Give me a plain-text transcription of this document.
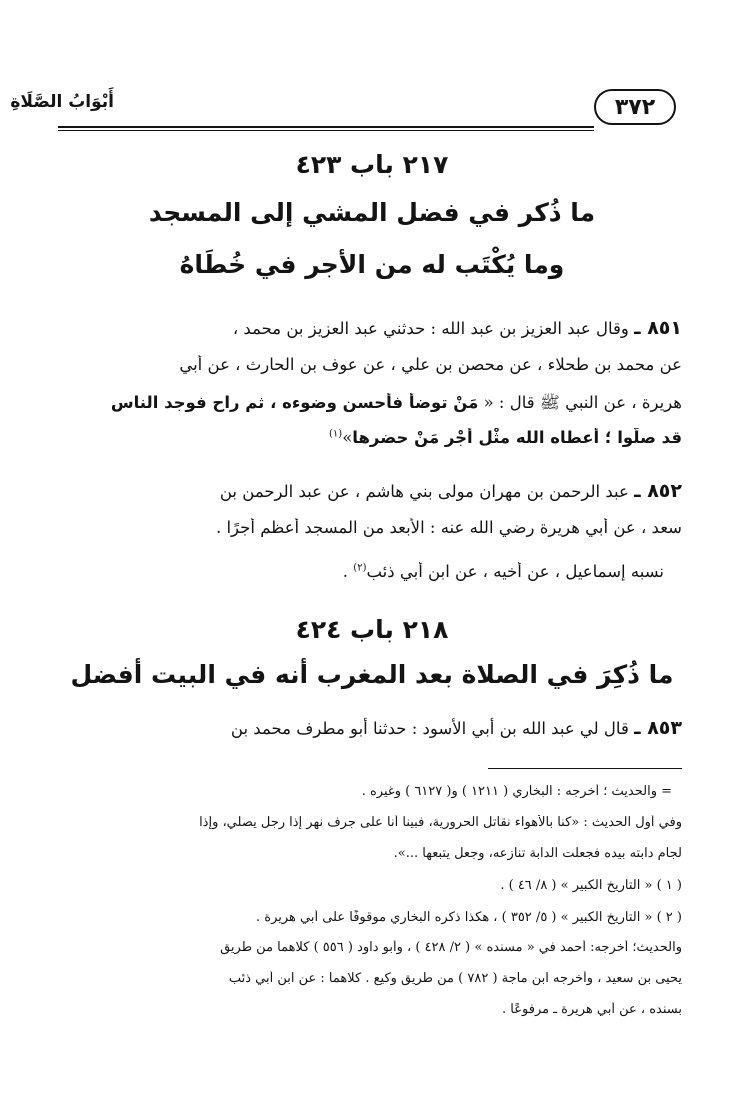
٣٧٢
أَبْوَابُ الصَّلَاةِ
٢١٧ باب ٤٢٣
ما ذُكر في فضل المشي إلى المسجد
وما يُكْتَب له من الأجر في خُطَاهُ
٨٥١ ـ وقال عبد العزيز بن عبد الله : حدثني عبد العزيز بن محمد ،
عن محمد بن طحلاء ، عن محصن بن علي ، عن عوف بن الحارث ، عن أبي
هريرة ، عن النبي ﷺ قال : « مَنْ توضأ فأحسن وضوءه ، ثم راح فوجد الناس
قد صلّوا ؛ أعطاه الله مثْل أجْرِ مَنْ حضرها»$^{(١)}$
٨٥٢ ـ عبد الرحمن بن مهران مولى بني هاشم ، عن عبد الرحمن بن
سعد ، عن أبي هريرة رضي الله عنه : الأبعد من المسجد أعظم أجرًا .
نسبه إسماعيل ، عن أخيه ، عن ابن أبي ذئب$^{(٢)}$ .
٢١٨ باب ٤٢٤
ما ذُكِرَ في الصلاة بعد المغرب أنه في البيت أفضل
٨٥٣ ـ قال لي عبد الله بن أبي الأسود : حدثنا أبو مطرف محمد بن
= والحديث ؛ أخرجه : البخاري ( ١٢١١ ) و( ٦١٢٧ ) وغيره .
وفي أول الحديث : «كنا بالأهواء نقاتل الحرورية، فبينا أنا على جرف نهر إذا رجل يصلي، وإذا
لجام دابته بيده فجعلت الدابة تنازعه، وجعل يتبعها ...».
( ١ ) « التاريخ الكبير » ( ٨/ ٤٦ ) .
( ٢ ) « التاريخ الكبير » ( ٥/ ٣٥٢ ) ، هكذا ذكره البخاري موقوفًا على أبي هريرة .
والحديث؛ أخرجه: أحمد في « مسنده » ( ٢/ ٤٢٨ ) ، وأبو داود ( ٥٥٦ ) كلاهما من طريق
يحيى بن سعيد ، وأخرجه ابن ماجة ( ٧٨٢ ) من طريق وكيع . كلاهما : عن ابن أبي ذئب
بسنده ، عن أبي هريرة ـ مرفوعًا .
